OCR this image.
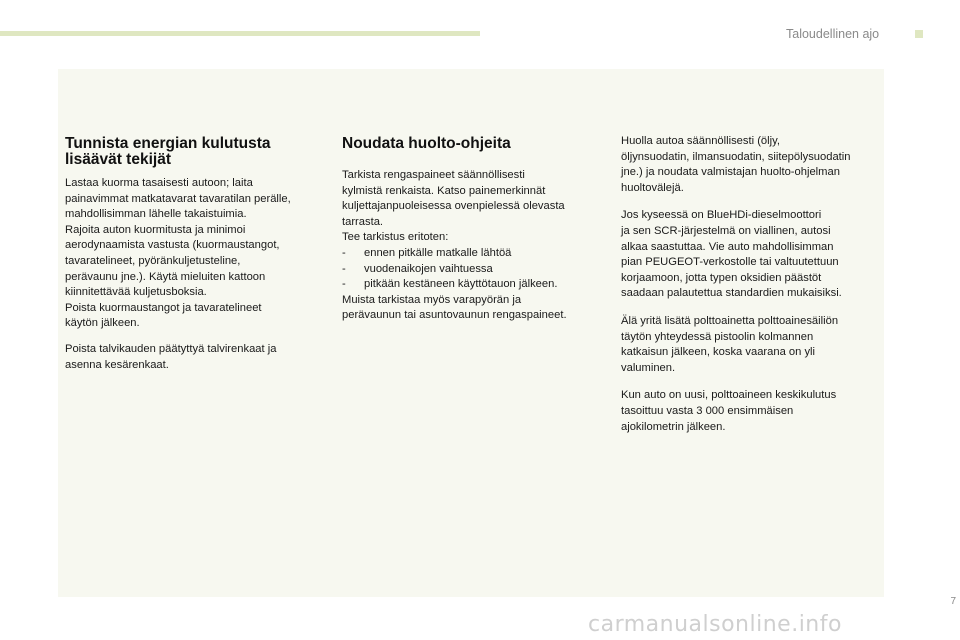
Taloudellinen ajo
Tunnista energian kulutusta
lisäävät tekijät

Lastaa kuorma tasaisesti autoon; laita
painavimmat matkatavarat tavaratilan perälle,
mahdollisimman lähelle takaistuimia.
Rajoita auton kuormitusta ja minimoi
aerodynaamista vastusta (kuormaustangot,
tavaratelineet, pyöränkuljetusteline,
perävaunu jne.). Käytä mieluiten kattoon
kiinnitettävää kuljetusboksia.
Poista kuormaustangot ja tavaratelineet
käytön jälkeen.

Poista talvikauden päätyttyä talvirenkaat ja
asenna kesärenkaat.

Noudata huolto-ohjeita

Tarkista rengaspaineet säännöllisesti
kylmistä renkaista. Katso painemerkinnät
kuljettajanpuoleisessa ovenpielessä olevasta
tarrasta.
Tee tarkistus eritoten:

- ennen pitkälle matkalle lähtöä
- vuodenaikojen vaihtuessa
- pitkään kestäneen käyttötauon jälkeen.

Muista tarkistaa myös varapyörän ja
perävaunun tai asuntovaunun rengaspaineet.

Huolla autoa säännöllisesti (öljy,
öljynsuodatin, ilmansuodatin, siitepölysuodatin
jne.) ja noudata valmistajan huolto-ohjelman
huoltovälejä.

Jos kyseessä on BlueHDi-dieselmoottori
ja sen SCR-järjestelmä on viallinen, autosi
alkaa saastuttaa. Vie auto mahdollisimman
pian PEUGEOT-verkostolle tai valtuutettuun
korjaamoon, jotta typen oksidien päästöt
saadaan palautettua standardien mukaisiksi.

Älä yritä lisätä polttoainetta polttoainesäiliön
täytön yhteydessä pistoolin kolmannen
katkaisun jälkeen, koska vaarana on yli
valuminen.

Kun auto on uusi, polttoaineen keskikulutus
tasoittuu vasta 3 000 ensimmäisen
ajokilometrin jälkeen.

7
carmanualsonline.info
